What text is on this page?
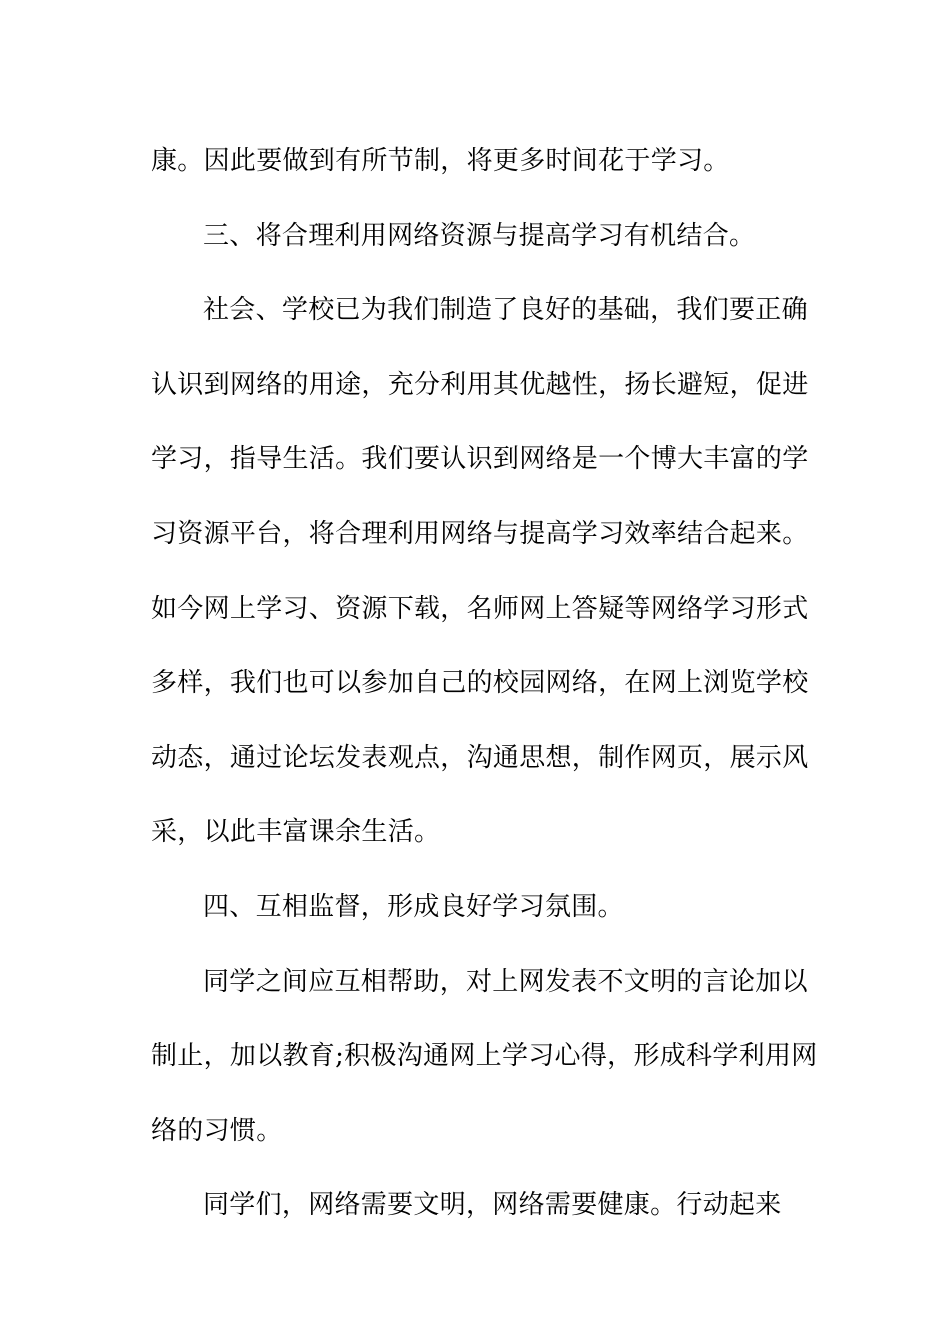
康。因此要做到有所节制，将更多时间花于学习。
三、将合理利用网络资源与提高学习有机结合。
社会、学校已为我们制造了良好的基础，我们要正确
认识到网络的用途，充分利用其优越性，扬长避短，促进
学习，指导生活。我们要认识到网络是一个博大丰富的学
习资源平台，将合理利用网络与提高学习效率结合起来。
如今网上学习、资源下载，名师网上答疑等网络学习形式
多样，我们也可以参加自己的校园网络，在网上浏览学校
动态，通过论坛发表观点，沟通思想，制作网页，展示风
采，以此丰富课余生活。
四、互相监督，形成良好学习氛围。
同学之间应互相帮助，对上网发表不文明的言论加以
制止，加以教育;积极沟通网上学习心得，形成科学利用网
络的习惯。
同学们，网络需要文明，网络需要健康。行动起来
